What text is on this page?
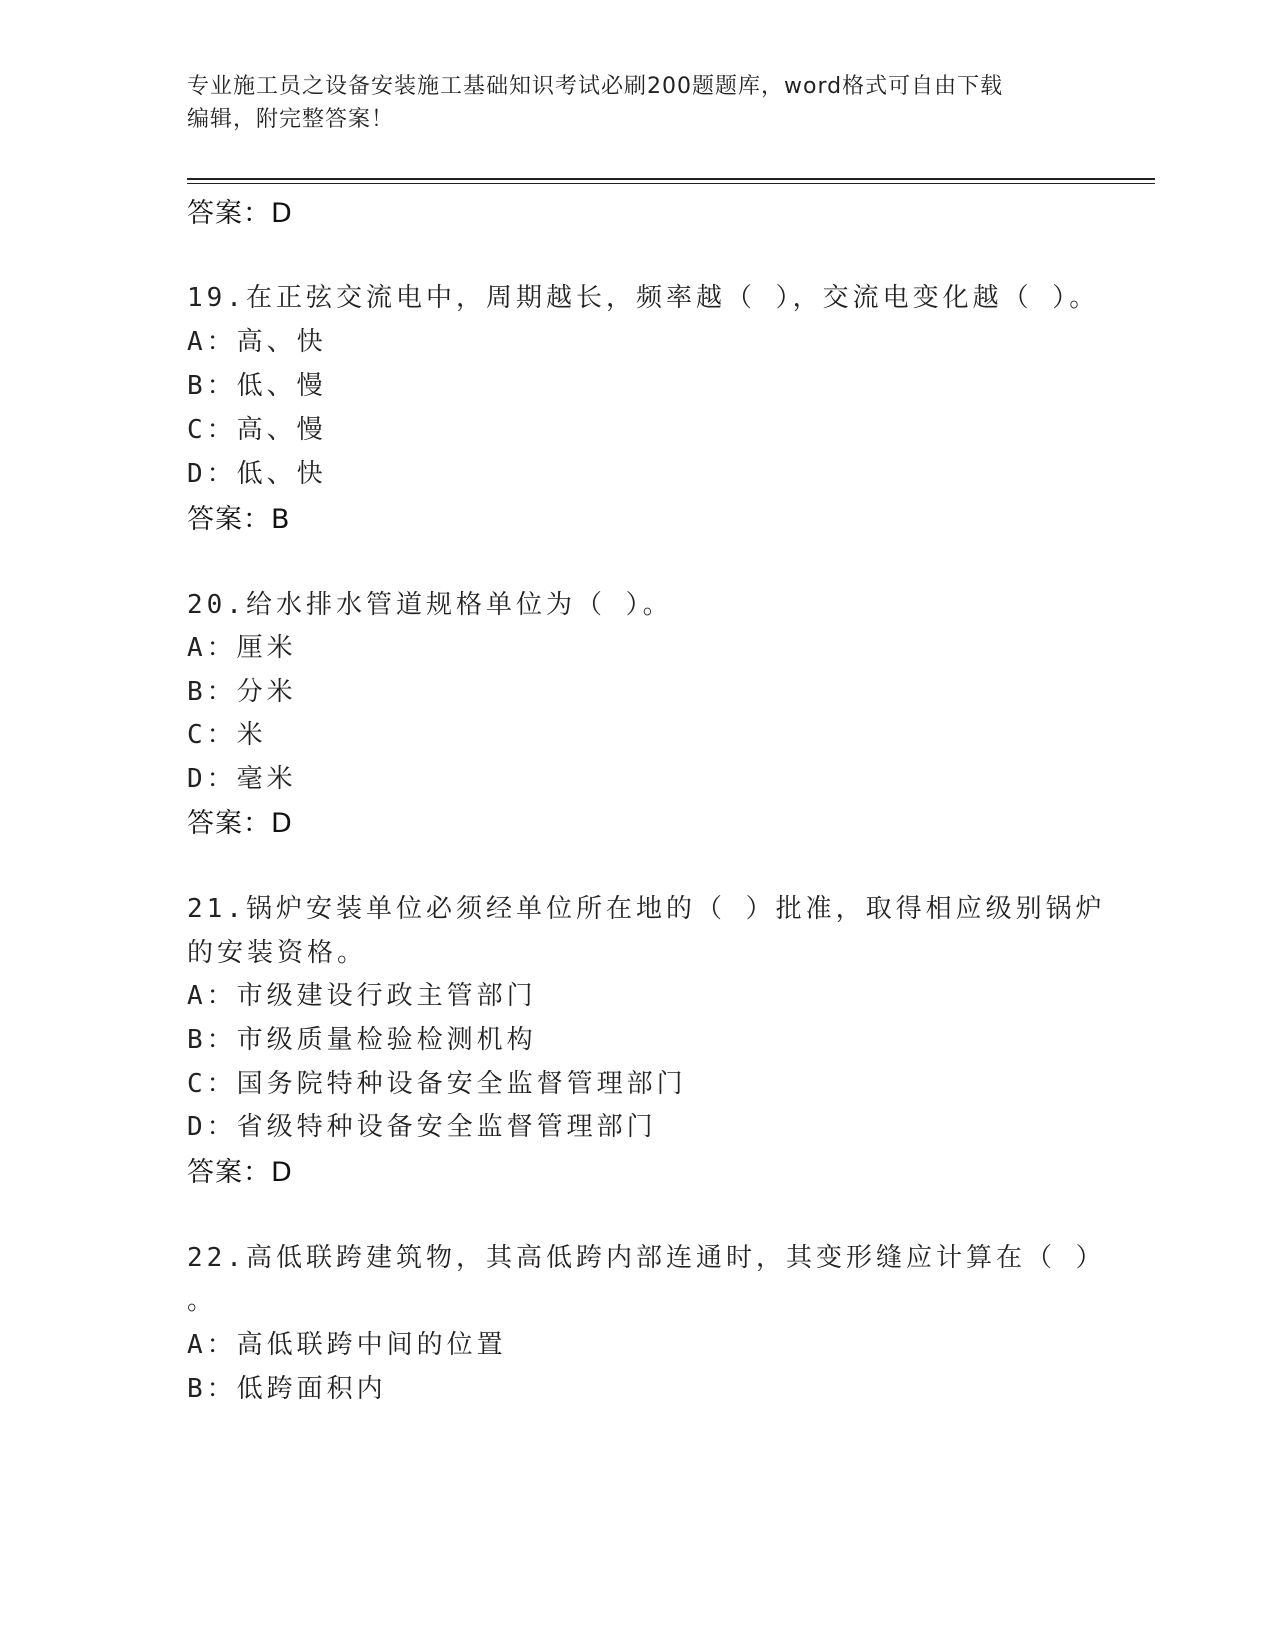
专业施工员之设备安装施工基础知识考试必刷200题题库，word格式可自由下载
编辑，附完整答案！
答案：D
19.在正弦交流电中，周期越长，频率越（ ），交流电变化越（ ）。
A：高、快
B：低、慢
C：高、慢
D：低、快
答案：B
20.给水排水管道规格单位为（ ）。
A：厘米
B：分米
C：米
D：毫米
答案：D
21.锅炉安装单位必须经单位所在地的（ ）批准，取得相应级别锅炉
的安装资格。
A：市级建设行政主管部门
B：市级质量检验检测机构
C：国务院特种设备安全监督管理部门
D：省级特种设备安全监督管理部门
答案：D
22.高低联跨建筑物，其高低跨内部连通时，其变形缝应计算在（ ）
。
A：高低联跨中间的位置
B：低跨面积内
